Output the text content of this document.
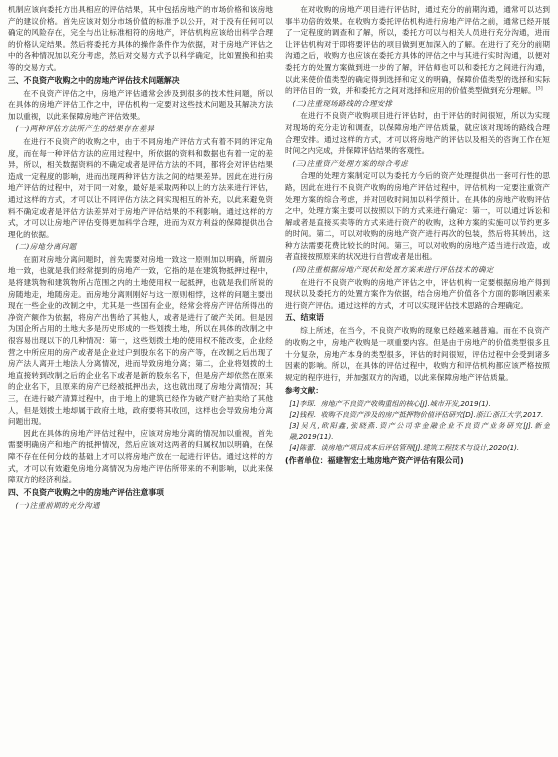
机制应该向委托方出具相应的评估结果，其中包括房地产的市场价格和该房地产的建议价格。首先应该对划分市场价值的标准予以公开，对于没有任何可以确定的风险存在，完全与出让标准相符的房地产，评估机构应该给出科学合理的价格认定结果。然后将委托方具体的操作条件作为依据，对于房地产评估之中的各种情况加以充分考虑，然后对交易方式予以科学确定，比如置换和拍卖等的交易方式。

三、不良资产收购之中的房地产评估技术问题解决

在不良资产评估之中，房地产评估通常会涉及到很多的技术性问题，所以在具体的房地产评估工作之中，评估机构一定要对这些技术问题及其解决方法加以重视，以此来保障房地产评估效果。

(一)两种评估方法所产生的结果存在差异

在进行不良资产的收购之中，由于不同房地产评估方式有着不同的评定角度，而在每一种评估方法的应用过程中，所依据的资料和数据也有着一定的差异，所以，相关数据资料的不确定或者是评估方法的不同，都将会对评估结果造成一定程度的影响，进而出现两种评估方法之间的结果差异。因此在进行房地产评估的过程中，对于同一对象，最好是采取两种以上的方法来进行评估，通过这样的方式，才可以让不同评估方法之间实现相互的补充，以此来避免资料不确定或者是评估方法差异对于房地产评估结果的不利影响。通过这样的方式，才可以让房地产评估变得更加科学合理，进而为双方利益的保障提供出合理化的依据。

(二)房地分离问题

在面对房地分离问题时，首先需要对房地一致这一原则加以明确，所谓房地一致，也就是我们经常提到的房地产一致，它指的是在建筑物抵押过程中，是将建筑物和建筑物所占范围之内的土地使用权一起抵押，也就是我们所说的房随地走，地随房走。而房地分离则刚好与这一原则相悖，这样的问题主要出现在一些企业的改制之中，尤其是一些国有企业，经常会将房产评估所得出的净资产额作为依据，将房产出售给了其他人，或者是进行了破产关闭。但是因为国企所占用的土地大多是历史形成的一些划拨土地，所以在具体的改制之中很容易出现以下的几种情况：第一，这些划拨土地的使用权不能改变，企业经营之中所应用的房产或者是企业过户到股东名下的房产等，在改制之后出现了房产法人离开土地法人分离情况，进而导致房地分离；第二，企业将划拨的土地直接转到改制之后的企业名下或者是新的股东名下，但是房产却依然在原来的企业名下，且原来的房产已经被抵押出去，这也就出现了房地分离情况；其三，在进行破产清算过程中，由于地上的建筑已经作为破产财产拍卖给了其他人，但是划拨土地却属于政府土地，政府要将其收回，这样也会导致房地分离问题出现。

因此在具体的房地产评估过程中，应该对房地分离的情况加以重视，首先需要明确房产和地产的抵押情况，然后应该对这两者的归属权加以明确，在保障不存在任何分歧的基础上才可以将房地产放在一起进行评估。通过这样的方式，才可以有效避免房地分离情况为房地产评估所带来的不利影响，以此来保障双方的经济利益。

四、不良资产收购之中的房地产评估注意事项
(一)注重前期的充分沟通

在对收购的房地产项目进行评估时，通过充分的前期沟通，通常可以达到事半功倍的效果。在收购方委托评估机构进行房地产评估之前，通常已经开展了一定程度的调查和了解，所以，委托方可以与相关人员进行充分沟通，进而让评估机构对于即将要评估的项目做到更加深入的了解。在进行了充分的前期沟通之后，收购方也应该在委托方具体的评估之中与其进行实时沟通，以便对委托方的处置方案做到进一步的了解，评估师也可以和委托方之间进行沟通，以此来使价值类型的确定得到选择和定义的明确，保障价值类型的选择和实际的评估目的一致，并和委托方之间对选择和应用的价值类型做到充分理解。[3]

(二)注重现场路线的合理安排

在进行不良资产收购项目进行评估时，由于评估的时间很短，所以为实现对现场的充分走访和调查，以保障房地产评估质量，就应该对现场的路线合理合理安排。通过这样的方式，才可以将房地产的评估以及相关的咨询工作在短时间之内完成，并保障评估结果的客观性。

(三)注重资产处理方案的综合考虑

合理的处理方案制定可以为委托方今后的资产处理提供出一套可行性的思路，因此在进行不良资产收购的房地产评估过程中，评估机构一定要注重资产处理方案的综合考虑，并对回收时间加以科学预计。在具体的房地产收购评估之中，处理方案主要可以按照以下的方式来进行确定：第一，可以通过诉讼和解或者是直接买卖等的方式来进行资产的收购，这种方案的实施可以节约更多的时间。第二，可以对收购的房地产资产进行再次的包装，然后将其转出，这种方法需要花费比较长的时间。第三，可以对收购的房地产适当进行改造，或者直接按照原来的状况进行自营或者是出租。

(四)注重根据房地产现状和处置方案来进行评估技术的确定

在进行不良资产收购的房地产评估之中，评估机构一定要根据房地产得到现状以及委托方的处置方案作为依据，结合房地产价值各个方面的影响因素来进行资产评估。通过这样的方式，才可以实现评估技术思路的合理确定。

五、结束语

综上所述，在当今，不良资产收购的现象已经越来越普遍。而在不良资产的收购之中，房地产收购是一项重要内容。但是由于房地产的价值类型很多且十分复杂，房地产本身的类型很多，评估的时间很短，评估过程中会受到诸多因素的影响。所以，在具体的评估过程中，收购方和评估机构都应该严格按照规定的程序进行，并加强双方的沟通，以此来保障房地产评估质量。

参考文献：
[1]李琛．房地产不良资产收购重组的核心[J].城市开发,2019(1).
[2]钱程．收购不良资产涉及的房产抵押物价值评估研究[D].浙江:浙江大学,2017.
[3]吴凡,欧阳鑫,张晓燕.资产公司非金融企业不良资产业务研究[J].新金融,2019(11).
[4]陈蕾．谈房地产项目成本后评估管理[J].建筑工程技术与设计,2020(1).
(作者单位：福建智宏土地房地产资产评估有限公司)
